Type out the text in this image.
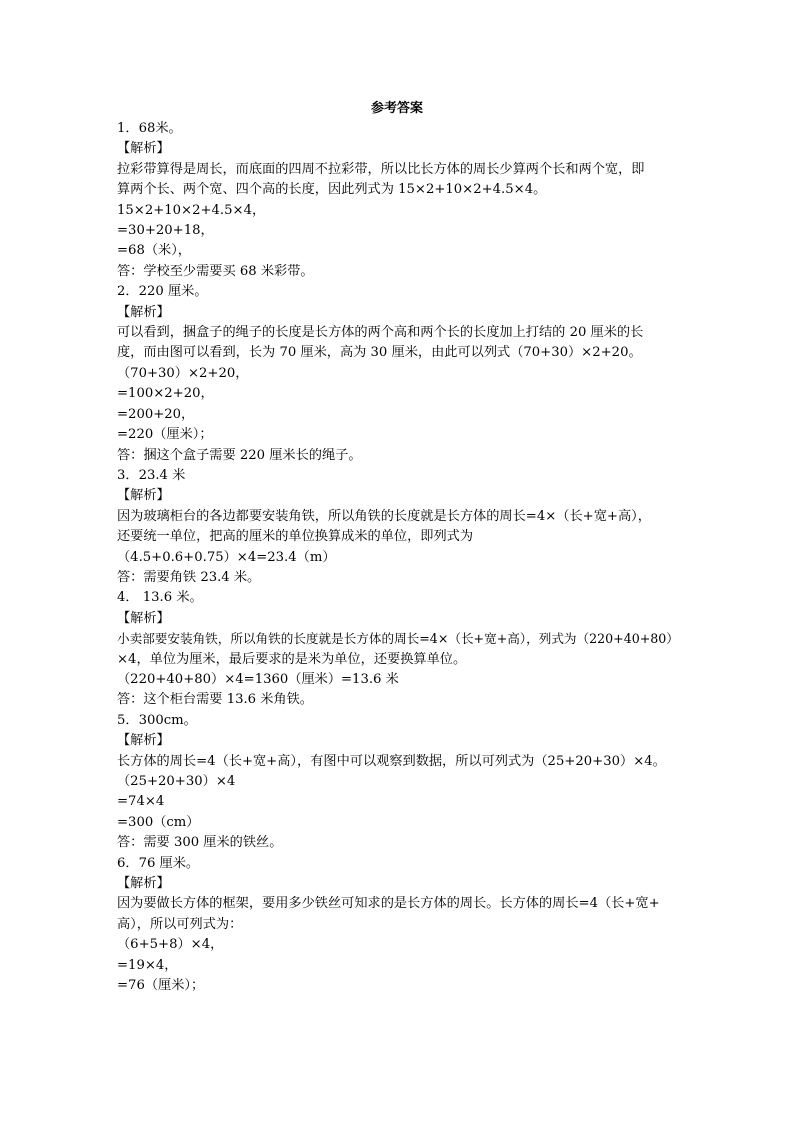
参考答案
1．68米。
【解析】
拉彩带算得是周长，而底面的四周不拉彩带，所以比长方体的周长少算两个长和两个宽，即
算两个长、两个宽、四个高的长度，因此列式为 15×2+10×2+4.5×4。
15×2+10×2+4.5×4，
=30+20+18，
=68（米），
答：学校至少需要买 68 米彩带。
2．220 厘米。
【解析】
可以看到，捆盒子的绳子的长度是长方体的两个高和两个长的长度加上打结的 20 厘米的长
度，而由图可以看到，长为 70 厘米，高为 30 厘米，由此可以列式（70+30）×2+20。
（70+30）×2+20，
=100×2+20，
=200+20，
=220（厘米）；
答：捆这个盒子需要 220 厘米长的绳子。
3．23.4 米
【解析】
因为玻璃柜台的各边都要安装角铁，所以角铁的长度就是长方体的周长=4×（长+宽+高），
还要统一单位，把高的厘米的单位换算成米的单位，即列式为
（4.5+0.6+0.75）×4=23.4（m）
答：需要角铁 23.4 米。
4． 13.6 米。
【解析】
小卖部要安装角铁，所以角铁的长度就是长方体的周长=4×（长+宽+高），列式为（220+40+80）
×4，单位为厘米，最后要求的是米为单位，还要换算单位。
（220+40+80）×4=1360（厘米）=13.6 米
答：这个柜台需要 13.6 米角铁。
5．300cm。
【解析】
长方体的周长=4（长+宽+高），有图中可以观察到数据，所以可列式为（25+20+30）×4。
（25+20+30）×4
=74×4
=300（cm）
答：需要 300 厘米的铁丝。
6．76 厘米。
【解析】
因为要做长方体的框架，要用多少铁丝可知求的是长方体的周长。长方体的周长=4（长+宽+
高），所以可列式为：
（6+5+8）×4，
=19×4，
=76（厘米）；
